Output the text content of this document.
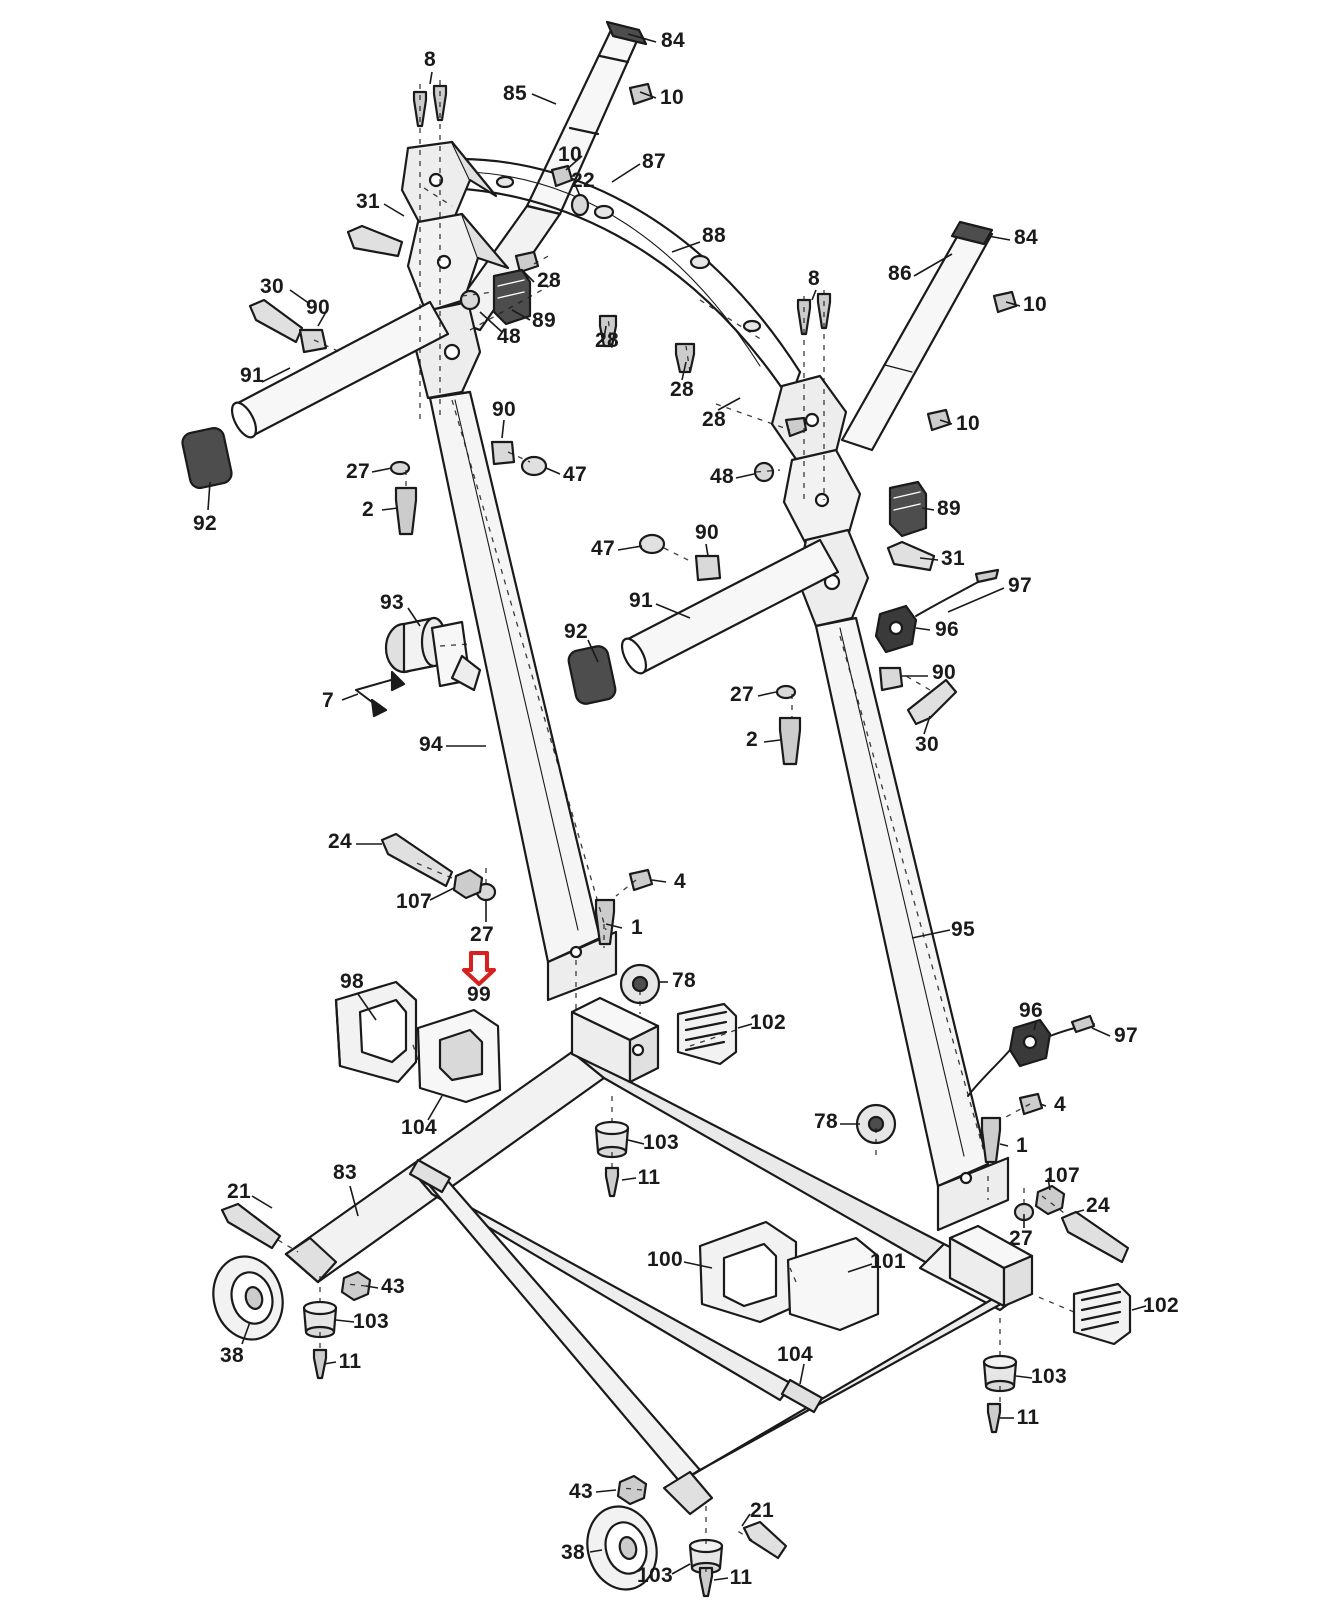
84
8
85	10
10	87
22
31
88	84
86
28
30
10
90
8
89
28
48
91
28
28	10
90
92
27	47	48
2	89
47
90
31
97
91
93
96
92
90
7	27
2	30
94
24
4
107
1
27	95
98	78
99
102
96
97
104
4
78
103	1
11
83	107
21
24
27
100	101
43
102
38
103
104
11
103
11
43
21
38
103	11
